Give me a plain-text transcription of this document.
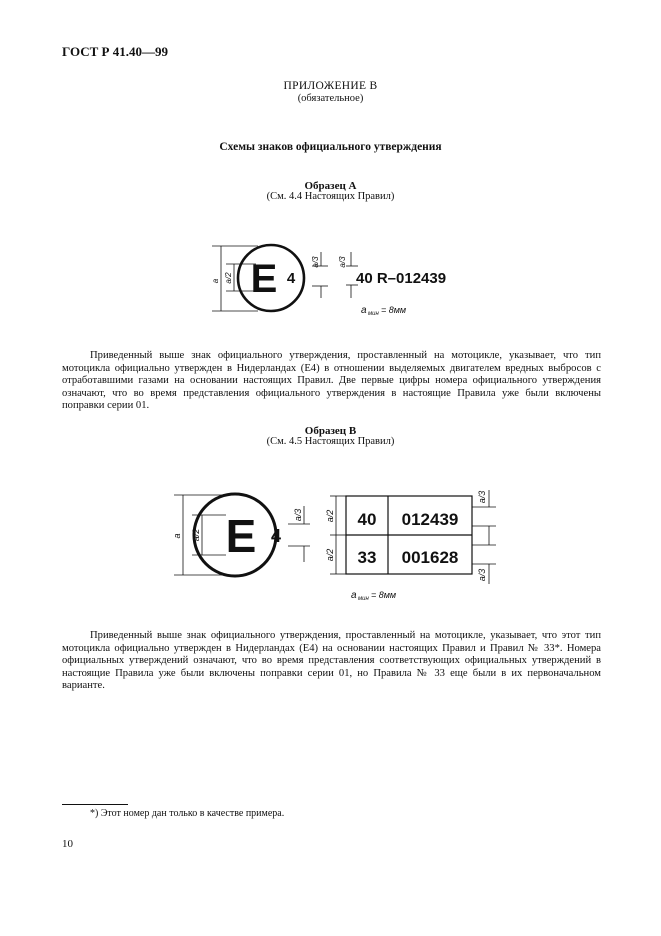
ГОСТ Р 41.40—99
ПРИЛОЖЕНИЕ В
(обязательное)
Схемы знаков официального утверждения
Образец А
(См. 4.4 Настоящих Правил)
E 4	40 R–012439
a a/2
a/3 a/3
a мин = 8мм
E 4
40 012439
33 001628
a a/2
a/3 a/2
a/2
a/3
a/3
a мин = 8мм
Приведенный выше знак официального утверждения, проставленный на мотоцикле, указывает, что тип мотоцикла официально утвержден в Нидерландах (Е4) в отношении выделяемых двигателем вредных выбросов с отработавшими газами на основании настоящих Правил. Две первые цифры номера официального утверждения означают, что во время представления официального утверждения в настоящие Правила уже были включены поправки серии 01.
Образец В
(См. 4.5 Настоящих Правил)
Приведенный выше знак официального утверждения, проставленный на мотоцикле, указывает, что этот тип мотоцикла официально утвержден в Нидерландах (Е4) на основании настоящих Правил и Правил № 33*. Номера официальных утверждений означают, что во время представления соответствующих официальных утверждений в настоящие Правила уже были включены поправки серии 01, но Правила № 33 еще были в их первоначальном варианте.
*) Этот номер дан только в качестве примера.
10
